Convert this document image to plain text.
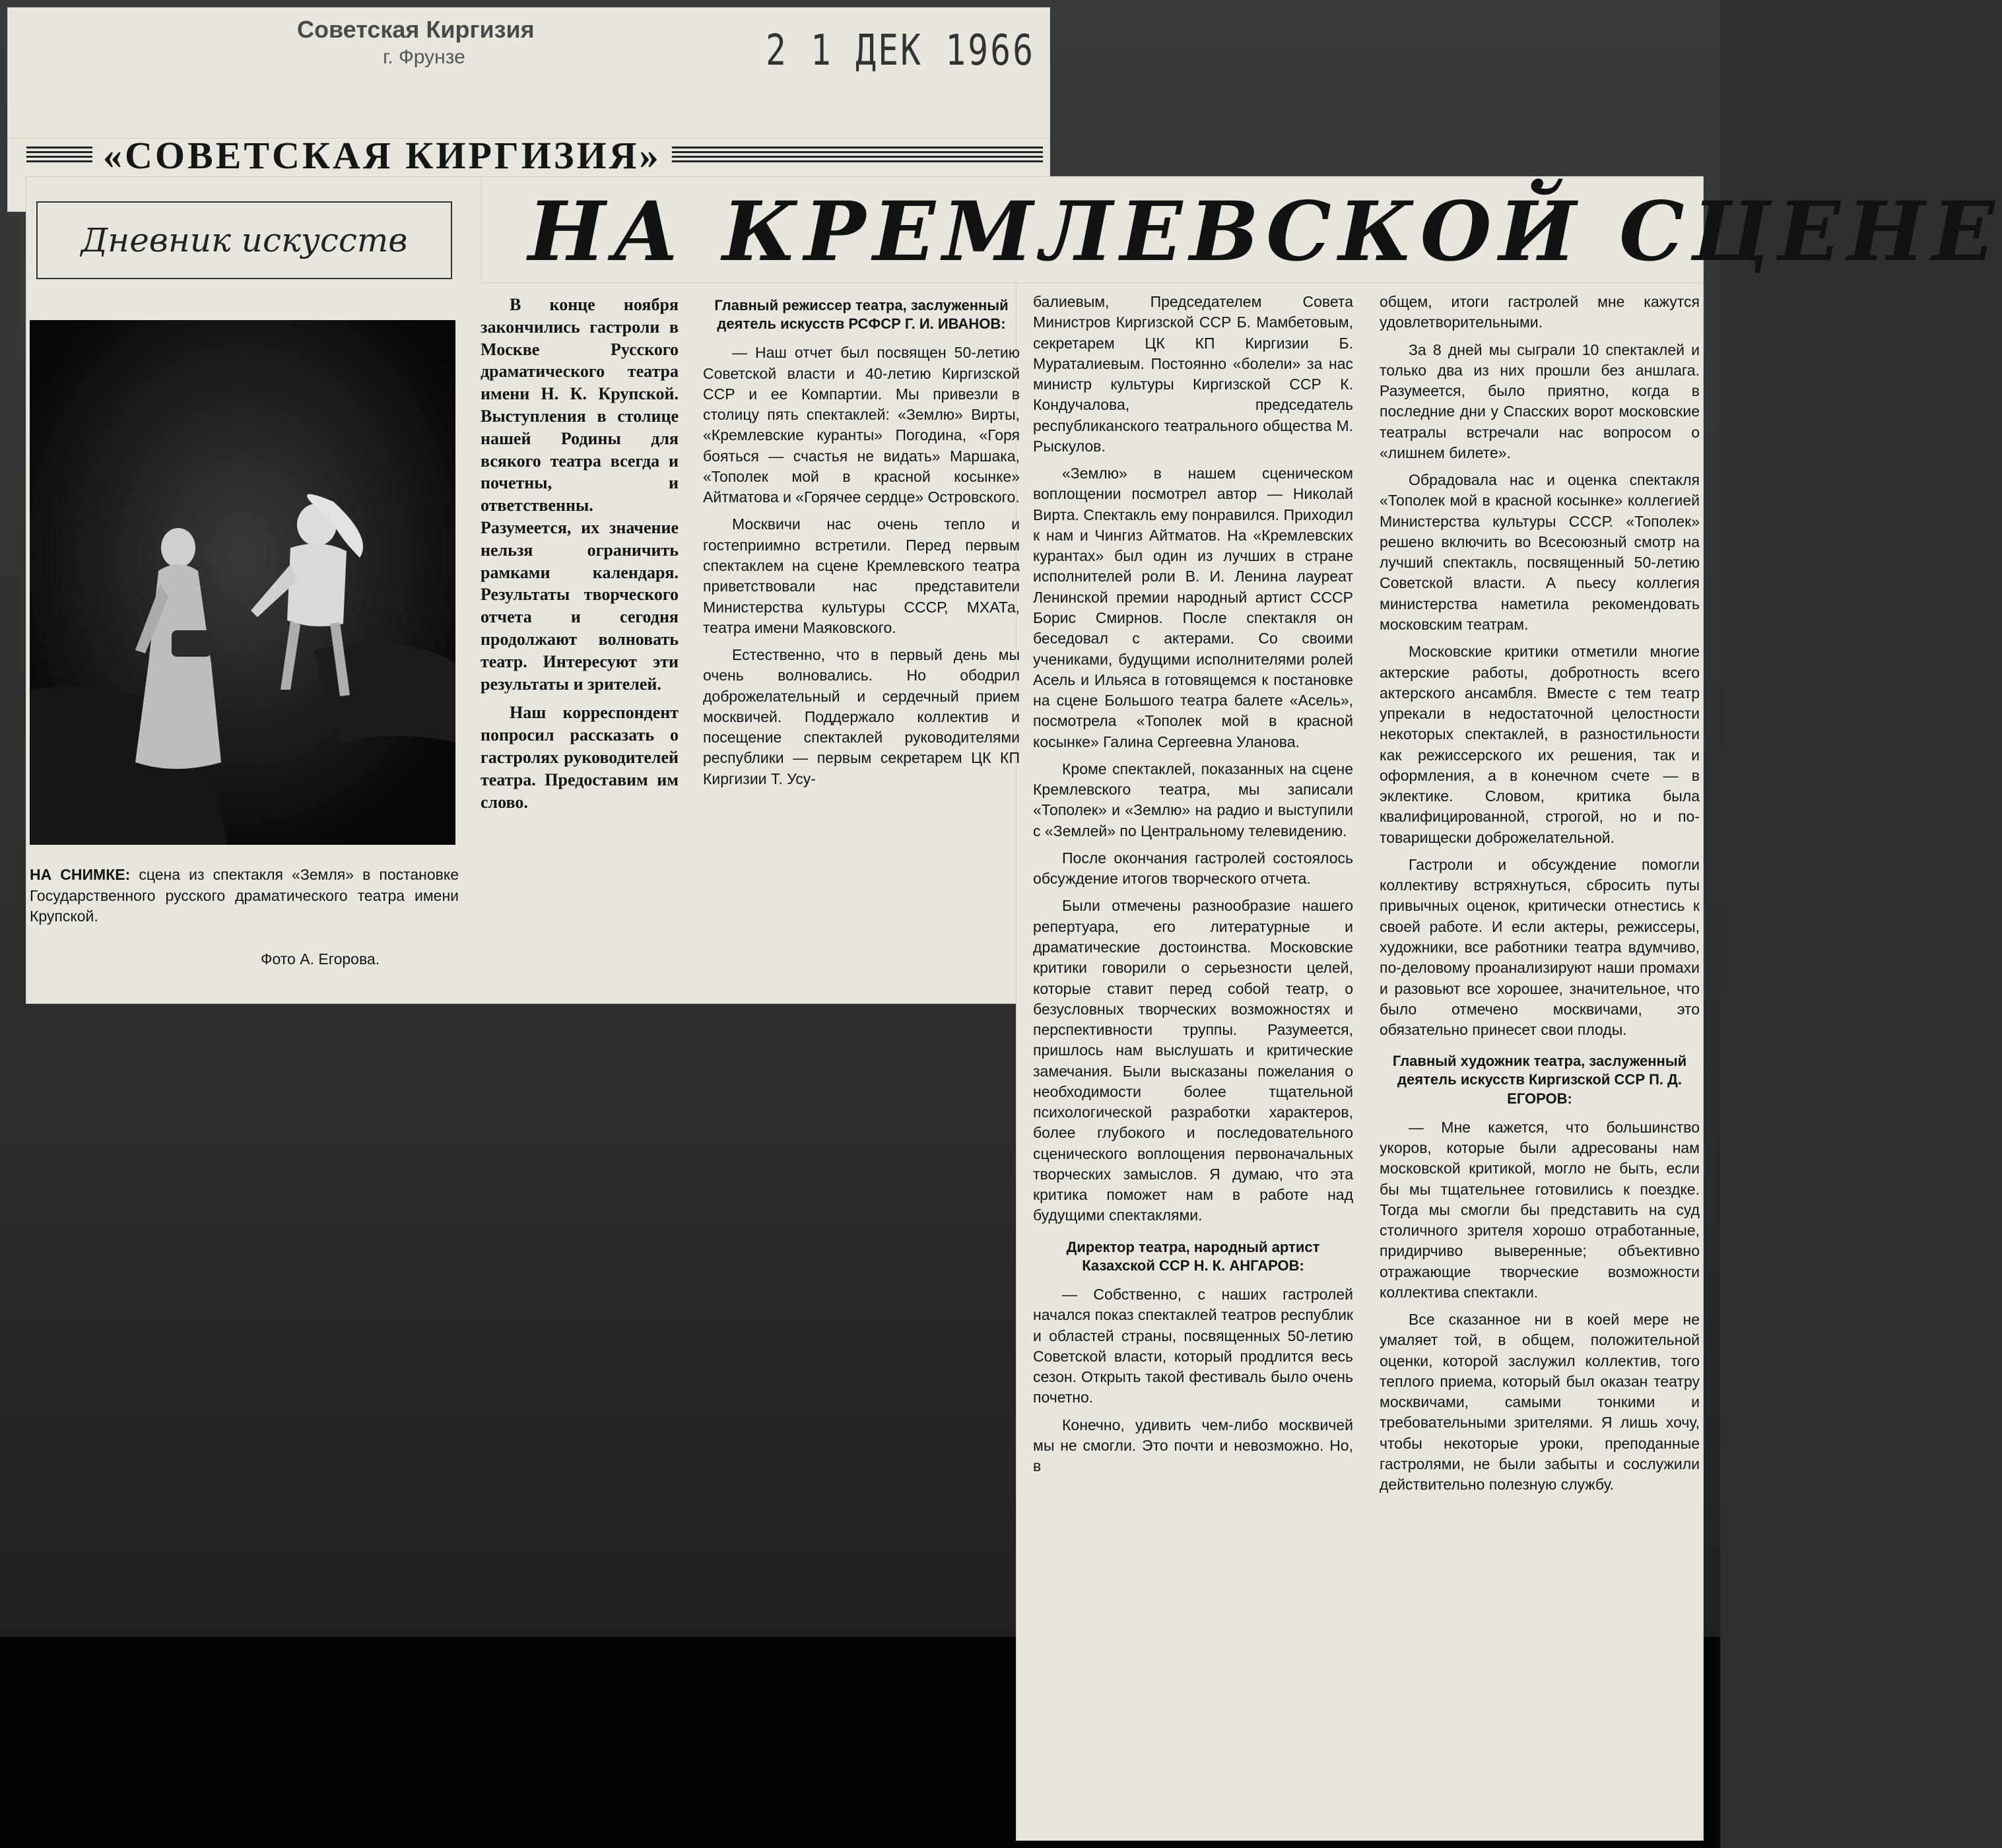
Советская Киргизия
г. Фрунзе	2 1 ДЕК 1966
«СОВЕТСКАЯ КИРГИЗИЯ»
Дневник искусств НА КРЕМЛЕВСКОЙ СЦЕНЕ
НА СНИМКЕ: сцена из спектакля «Земля» в постановке Государственного русского драматического театра имени Крупской.
Фото А. Егорова.

В конце ноября закончились гастроли в Москве Русского драматического театра имени Н. К. Крупской. Выступления в столице нашей Родины для всякого театра всегда и почетны, и ответственны. Разумеется, их значение нельзя ограничить рамками календаря. Результаты творческого отчета и сегодня продолжают волновать театр. Интересуют эти результаты и зрителей.

Наш корреспондент попросил рассказать о гастролях руководителей театра. Предоставим им слово.

Главный режиссер театра, заслуженный деятель искусств РСФСР Г. И. ИВАНОВ:

— Наш отчет был посвящен 50-летию Советской власти и 40-летию Киргизской ССР и ее Компартии. Мы привезли в столицу пять спектаклей: «Землю» Вирты, «Кремлевские куранты» Погодина, «Горя бояться — счастья не видать» Маршака, «Тополек мой в красной косынке» Айтматова и «Горячее сердце» Островского.

Москвичи нас очень тепло и гостеприимно встретили. Перед первым спектаклем на сцене Кремлевского театра приветствовали нас представители Министерства культуры СССР, МХАТа, театра имени Маяковского.

Естественно, что в первый день мы очень волновались. Но ободрил доброжелательный и сердечный прием москвичей. Поддержало коллектив и посещение спектаклей руководителями республики — первым секретарем ЦК КП Киргизии Т. Усу-

балиевым, Председателем Совета Министров Киргизской ССР Б. Мамбетовым, секретарем ЦК КП Киргизии Б. Мураталиевым. Постоянно «болели» за нас министр культуры Киргизской ССР К. Кондучалова, председатель республиканского театрального общества М. Рыскулов.

«Землю» в нашем сценическом воплощении посмотрел автор — Николай Вирта. Спектакль ему понравился. Приходил к нам и Чингиз Айтматов. На «Кремлевских курантах» был один из лучших в стране исполнителей роли В. И. Ленина лауреат Ленинской премии народный артист СССР Борис Смирнов. После спектакля он беседовал с актерами. Со своими учениками, будущими исполнителями ролей Асель и Ильяса в готовящемся к постановке на сцене Большого театра балете «Асель», посмотрела «Тополек мой в красной косынке» Галина Сергеевна Уланова.

Кроме спектаклей, показанных на сцене Кремлевского театра, мы записали «Тополек» и «Землю» на радио и выступили с «Землей» по Центральному телевидению.

После окончания гастролей состоялось обсуждение итогов творческого отчета.

Были отмечены разнообразие нашего репертуара, его литературные и драматические достоинства. Московские критики говорили о серьезности целей, которые ставит перед собой театр, о безусловных творческих возможностях и перспективности труппы. Разумеется, пришлось нам выслушать и критические замечания. Были высказаны пожелания о необходимости более тщательной психологической разработки характеров, более глубокого и последовательного сценического воплощения первоначальных творческих замыслов. Я думаю, что эта критика поможет нам в работе над будущими спектаклями.

Директор театра, народный артист Казахской ССР Н. К. АНГАРОВ:

— Собственно, с наших гастролей начался показ спектаклей театров республик и областей страны, посвященных 50-летию Советской власти, который продлится весь сезон. Открыть такой фестиваль было очень почетно.

Конечно, удивить чем-либо москвичей мы не смогли. Это почти и невозможно. Но, в

общем, итоги гастролей мне кажутся удовлетворительными.

За 8 дней мы сыграли 10 спектаклей и только два из них прошли без аншлага. Разумеется, было приятно, когда в последние дни у Спасских ворот московские театралы встречали нас вопросом о «лишнем билете».

Обрадовала нас и оценка спектакля «Тополек мой в красной косынке» коллегией Министерства культуры СССР. «Тополек» решено включить во Всесоюзный смотр на лучший спектакль, посвященный 50-летию Советской власти. А пьесу коллегия министерства наметила рекомендовать московским театрам.

Московские критики отметили многие актерские работы, добротность всего актерского ансамбля. Вместе с тем театр упрекали в недостаточной целостности некоторых спектаклей, в разностильности как режиссерского их решения, так и оформления, а в конечном счете — в эклектике. Словом, критика была квалифицированной, строгой, но и по-товарищески доброжелательной.

Гастроли и обсуждение помогли коллективу встряхнуться, сбросить путы привычных оценок, критически отнестись к своей работе. И если актеры, режиссеры, художники, все работники театра вдумчиво, по-деловому проанализируют наши промахи и разовьют все хорошее, значительное, что было отмечено москвичами, это обязательно принесет свои плоды.

Главный художник театра, заслуженный деятель искусств Киргизской ССР П. Д. ЕГОРОВ:

— Мне кажется, что большинство укоров, которые были адресованы нам московской критикой, могло не быть, если бы мы тщательнее готовились к поездке. Тогда мы смогли бы представить на суд столичного зрителя хорошо отработанные, придирчиво выверенные; объективно отражающие творческие возможности коллектива спектакли.

Все сказанное ни в коей мере не умаляет той, в общем, положительной оценки, которой заслужил коллектив, того теплого приема, который был оказан театру москвичами, самыми тонкими и требовательными зрителями. Я лишь хочу, чтобы некоторые уроки, преподанные гастролями, не были забыты и сослужили действительно полезную службу.
